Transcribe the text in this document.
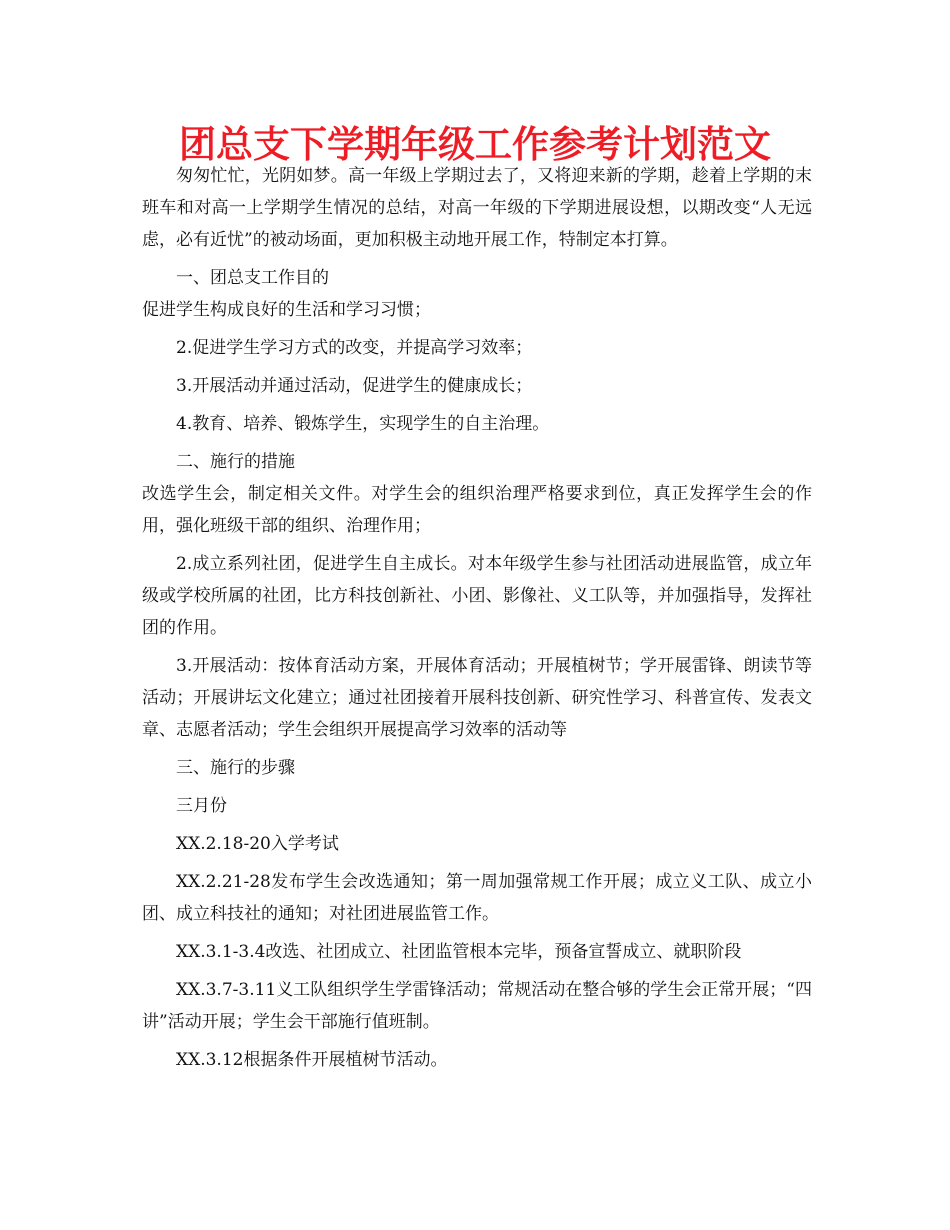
团总支下学期年级工作参考计划范文

匆匆忙忙，光阴如梦。高一年级上学期过去了，又将迎来新的学期，趁着上学期的末班车和对高一上学期学生情况的总结，对高一年级的下学期进展设想，以期改变“人无远虑，必有近忧”的被动场面，更加积极主动地开展工作，特制定本打算。

一、团总支工作目的

促进学生构成良好的生活和学习习惯；

2.促进学生学习方式的改变，并提高学习效率；

3.开展活动并通过活动，促进学生的健康成长；

4.教育、培养、锻炼学生，实现学生的自主治理。

二、施行的措施

改选学生会，制定相关文件。对学生会的组织治理严格要求到位，真正发挥学生会的作用，强化班级干部的组织、治理作用；

2.成立系列社团，促进学生自主成长。对本年级学生参与社团活动进展监管，成立年级或学校所属的社团，比方科技创新社、小团、影像社、义工队等，并加强指导，发挥社团的作用。

3.开展活动：按体育活动方案，开展体育活动；开展植树节；学开展雷锋、朗读节等活动；开展讲坛文化建立；通过社团接着开展科技创新、研究性学习、科普宣传、发表文章、志愿者活动；学生会组织开展提高学习效率的活动等

三、施行的步骤

三月份

XX.2.18-20入学考试

XX.2.21-28发布学生会改选通知；第一周加强常规工作开展；成立义工队、成立小团、成立科技社的通知；对社团进展监管工作。

XX.3.1-3.4改选、社团成立、社团监管根本完毕，预备宣誓成立、就职阶段

XX.3.7-3.11义工队组织学生学雷锋活动；常规活动在整合够的学生会正常开展；“四讲”活动开展；学生会干部施行值班制。

XX.3.12根据条件开展植树节活动。
